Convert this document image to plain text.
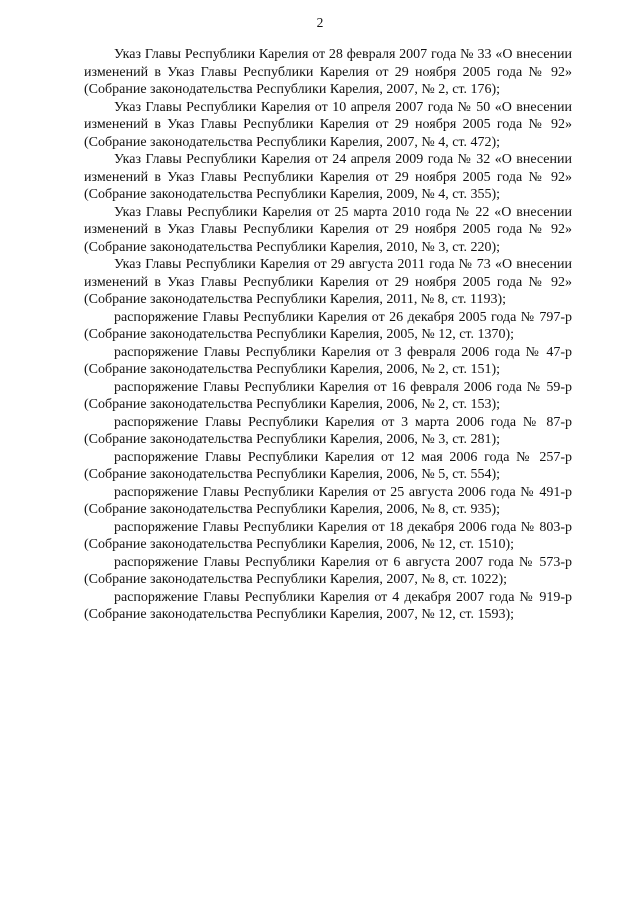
2

Указ Главы Республики Карелия от 28 февраля 2007 года № 33 «О внесении изменений в Указ Главы Республики Карелия от 29 ноября 2005 года № 92» (Собрание законодательства Республики Карелия, 2007, № 2, ст. 176);

Указ Главы Республики Карелия от 10 апреля 2007 года № 50 «О внесении изменений в Указ Главы Республики Карелия от 29 ноября 2005 года № 92» (Собрание законодательства Республики Карелия, 2007, № 4, ст. 472);

Указ Главы Республики Карелия от 24 апреля 2009 года № 32 «О внесении изменений в Указ Главы Республики Карелия от 29 ноября 2005 года № 92» (Собрание законодательства Республики Карелия, 2009, № 4, ст. 355);

Указ Главы Республики Карелия от 25 марта 2010 года № 22 «О внесении изменений в Указ Главы Республики Карелия от 29 ноября 2005 года № 92» (Собрание законодательства Республики Карелия, 2010, № 3, ст. 220);

Указ Главы Республики Карелия от 29 августа 2011 года № 73 «О внесении изменений в Указ Главы Республики Карелия от 29 ноября 2005 года № 92» (Собрание законодательства Республики Карелия, 2011, № 8, ст. 1193);

распоряжение Главы Республики Карелия от 26 декабря 2005 года № 797-р (Собрание законодательства Республики Карелия, 2005, № 12, ст. 1370);

распоряжение Главы Республики Карелия от 3 февраля 2006 года № 47-р (Собрание законодательства Республики Карелия, 2006, № 2, ст. 151);

распоряжение Главы Республики Карелия от 16 февраля 2006 года № 59-р (Собрание законодательства Республики Карелия, 2006, № 2, ст. 153);

распоряжение Главы Республики Карелия от 3 марта 2006 года № 87-р (Собрание законодательства Республики Карелия, 2006, № 3, ст. 281);

распоряжение Главы Республики Карелия от 12 мая 2006 года № 257-р (Собрание законодательства Республики Карелия, 2006, № 5, ст. 554);

распоряжение Главы Республики Карелия от 25 августа 2006 года № 491-р (Собрание законодательства Республики Карелия, 2006, № 8, ст. 935);

распоряжение Главы Республики Карелия от 18 декабря 2006 года № 803-р (Собрание законодательства Республики Карелия, 2006, № 12, ст. 1510);

распоряжение Главы Республики Карелия от 6 августа 2007 года № 573-р (Собрание законодательства Республики Карелия, 2007, № 8, ст. 1022);

распоряжение Главы Республики Карелия от 4 декабря 2007 года № 919-р (Собрание законодательства Республики Карелия, 2007, № 12, ст. 1593);
